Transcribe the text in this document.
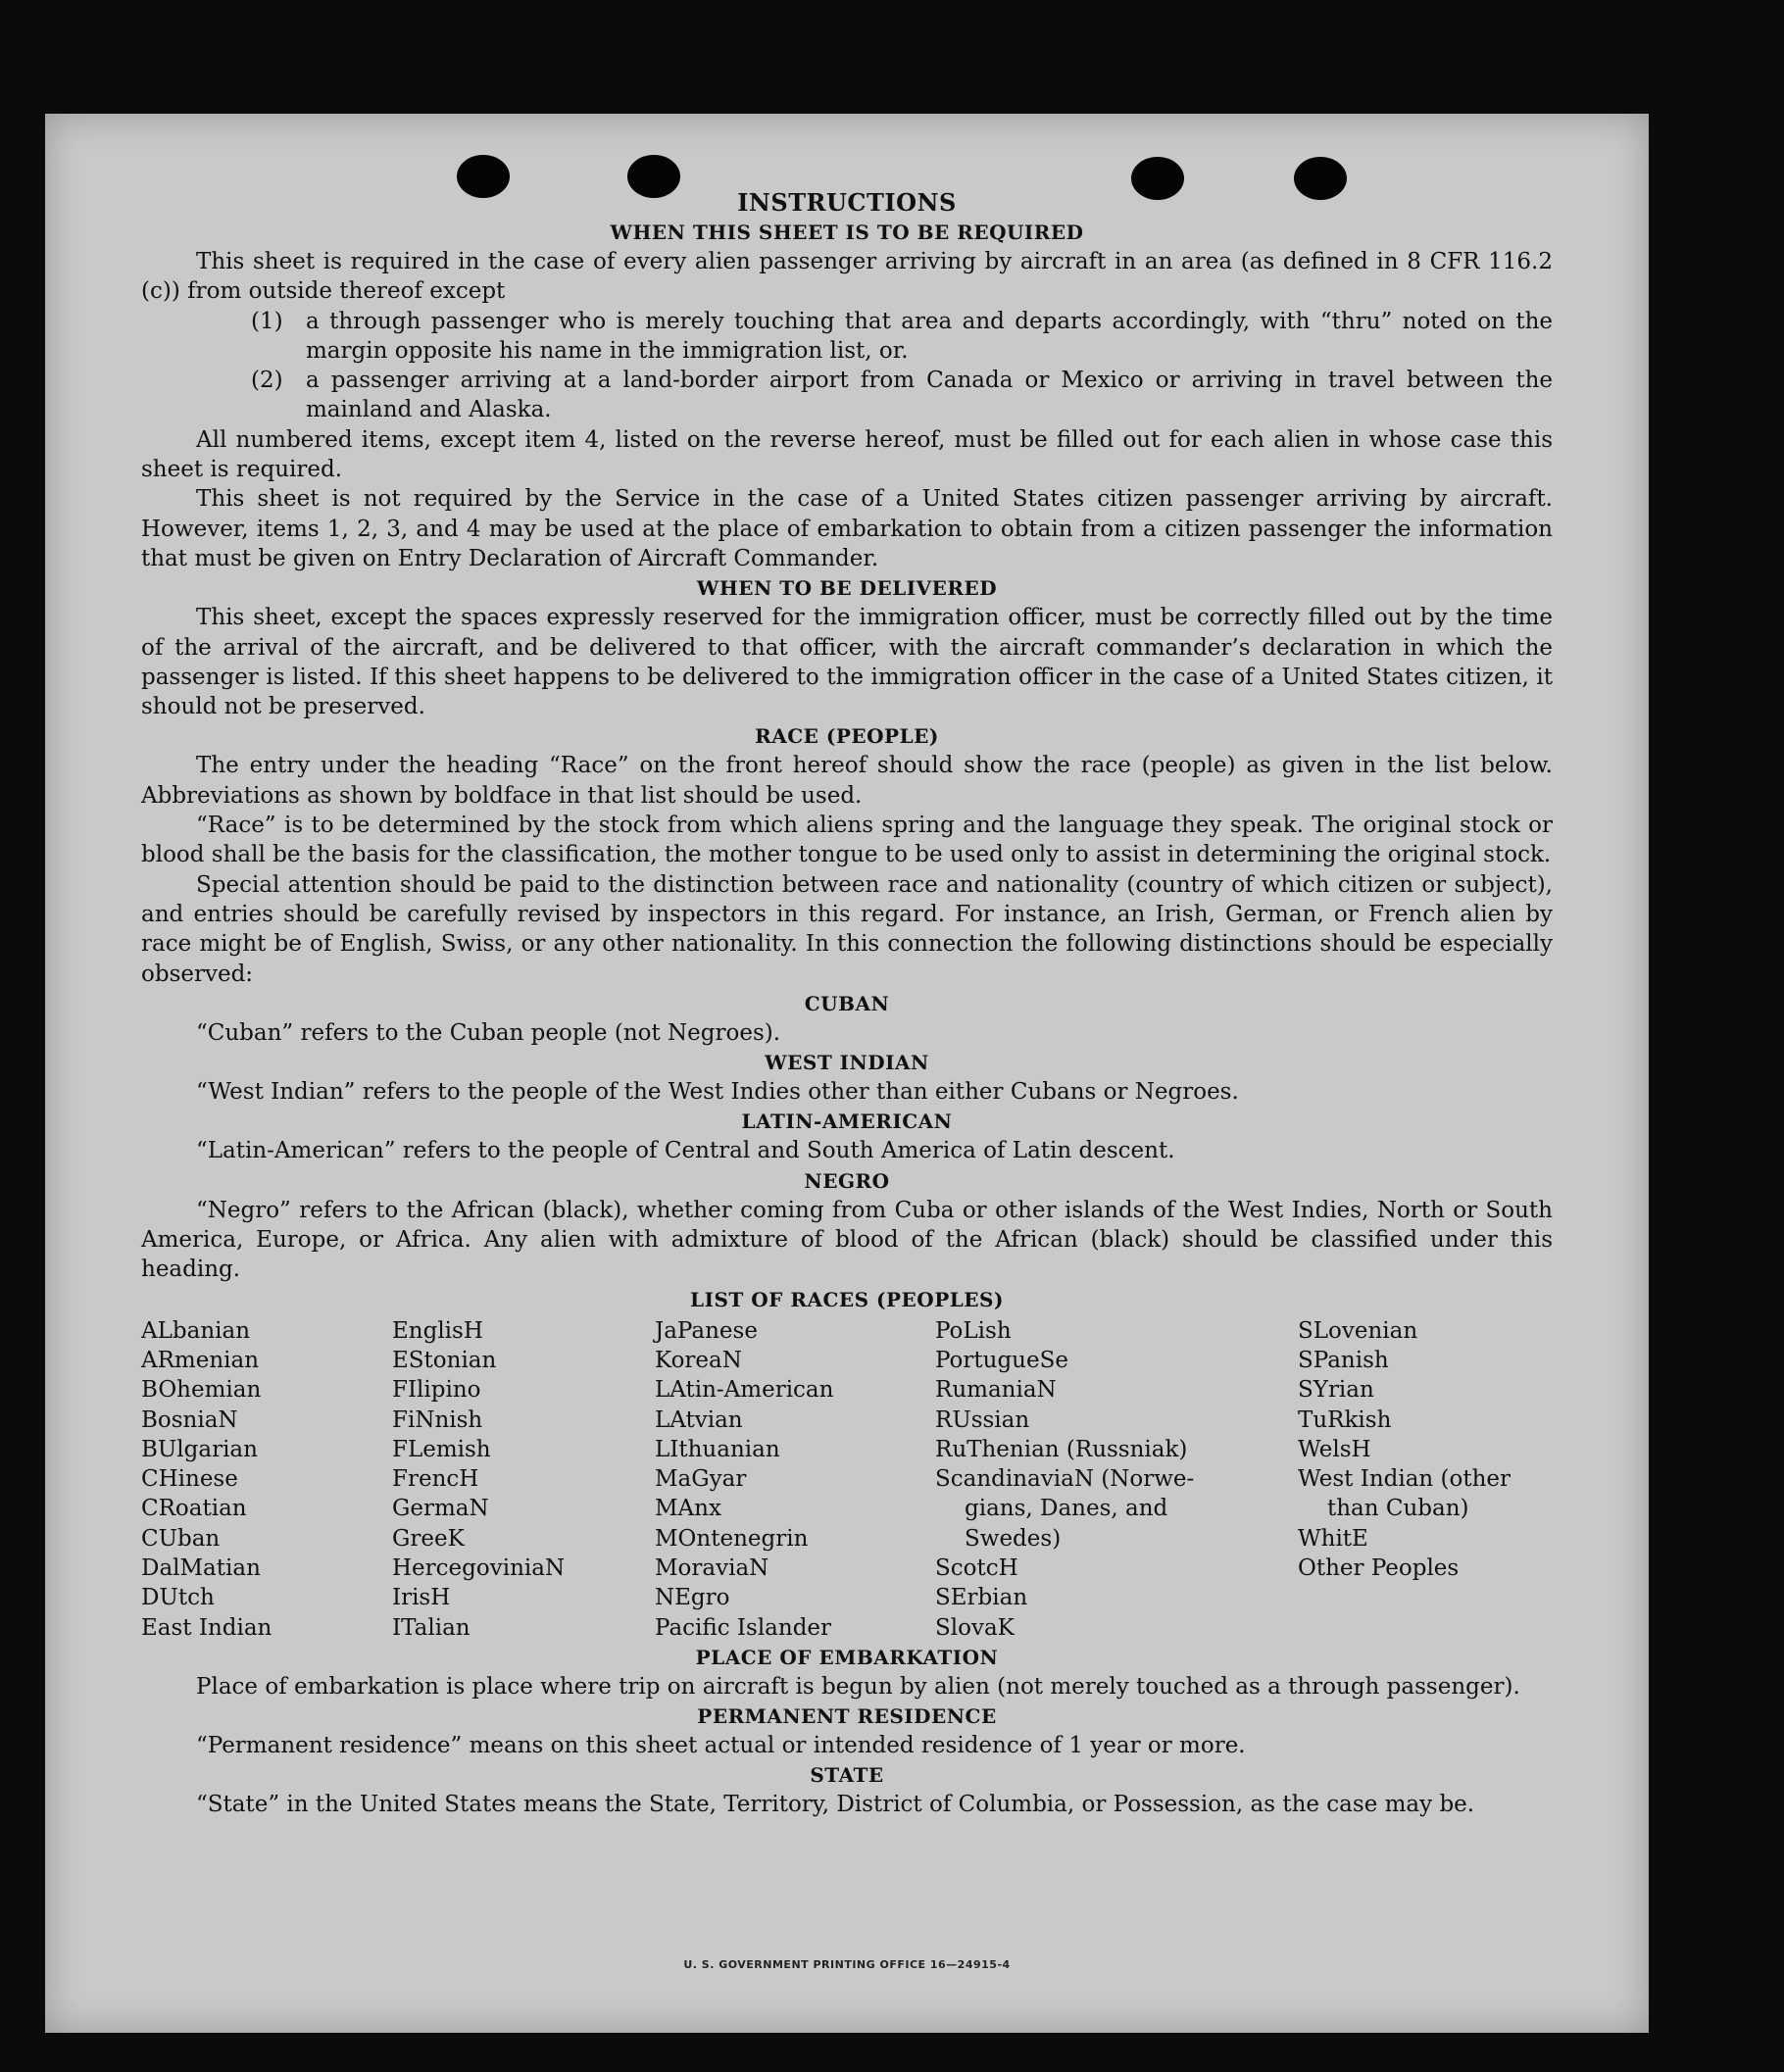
INSTRUCTIONS
WHEN THIS SHEET IS TO BE REQUIRED

This sheet is required in the case of every alien passenger arriving by aircraft in an area (as defined in 8 CFR 116.2 (c)) from outside thereof except

(1)	a through passenger who is merely touching that area and departs accordingly, with “thru” noted on the margin opposite his name in the immigration list, or.
(2)	a passenger arriving at a land-border airport from Canada or Mexico or arriving in travel between the mainland and Alaska.

All numbered items, except item 4, listed on the reverse hereof, must be filled out for each alien in whose case this sheet is required.

This sheet is not required by the Service in the case of a United States citizen passenger arriving by aircraft. However, items 1, 2, 3, and 4 may be used at the place of embarkation to obtain from a citizen passenger the information that must be given on Entry Declaration of Aircraft Commander.

WHEN TO BE DELIVERED

This sheet, except the spaces expressly reserved for the immigration officer, must be correctly filled out by the time of the arrival of the aircraft, and be delivered to that officer, with the aircraft commander’s declaration in which the passenger is listed. If this sheet happens to be delivered to the immigration officer in the case of a United States citizen, it should not be preserved.

RACE (PEOPLE)

The entry under the heading “Race” on the front hereof should show the race (people) as given in the list below. Abbreviations as shown by boldface in that list should be used.

“Race” is to be determined by the stock from which aliens spring and the language they speak. The original stock or blood shall be the basis for the classification, the mother tongue to be used only to assist in determining the original stock.

Special attention should be paid to the distinction between race and nationality (country of which citizen or subject), and entries should be carefully revised by inspectors in this regard. For instance, an Irish, German, or French alien by race might be of English, Swiss, or any other nationality. In this connection the following distinctions should be especially observed:

CUBAN

“Cuban” refers to the Cuban people (not Negroes).

WEST INDIAN

“West Indian” refers to the people of the West Indies other than either Cubans or Negroes.

LATIN-AMERICAN

“Latin-American” refers to the people of Central and South America of Latin descent.

NEGRO

“Negro” refers to the African (black), whether coming from Cuba or other islands of the West Indies, North or South America, Europe, or Africa. Any alien with admixture of blood of the African (black) should be classified under this heading.

LIST OF RACES (PEOPLES)
ALbanian
ARmenian
BOhemian
BosniaN
BUlgarian
CHinese
CRoatian
CUban
DalMatian
DUtch
East Indian
EnglisH
EStonian
FIlipino
FiNnish
FLemish
FrencH
GermaN
GreeK
HercegoviniaN
IrisH
ITalian
JaPanese
KoreaN
LAtin-American
LAtvian
LIthuanian
MaGyar
MAnx
MOntenegrin
MoraviaN
NEgro
Pacific Islander
PoLish
PortugueSe
RumaniaN
RUssian
RuThenian (Russniak)
ScandinaviaN (Norwe-
gians, Danes, and
Swedes)
ScotcH
SErbian
SlovaK
SLovenian
SPanish
SYrian
TuRkish
WelsH
West Indian (other
than Cuban)
WhitE
Other Peoples
PLACE OF EMBARKATION

Place of embarkation is place where trip on aircraft is begun by alien (not merely touched as a through passenger).

PERMANENT RESIDENCE

“Permanent residence” means on this sheet actual or intended residence of 1 year or more.

STATE

“State” in the United States means the State, Territory, District of Columbia, or Possession, as the case may be.

U. S. GOVERNMENT PRINTING OFFICE 16—24915-4
